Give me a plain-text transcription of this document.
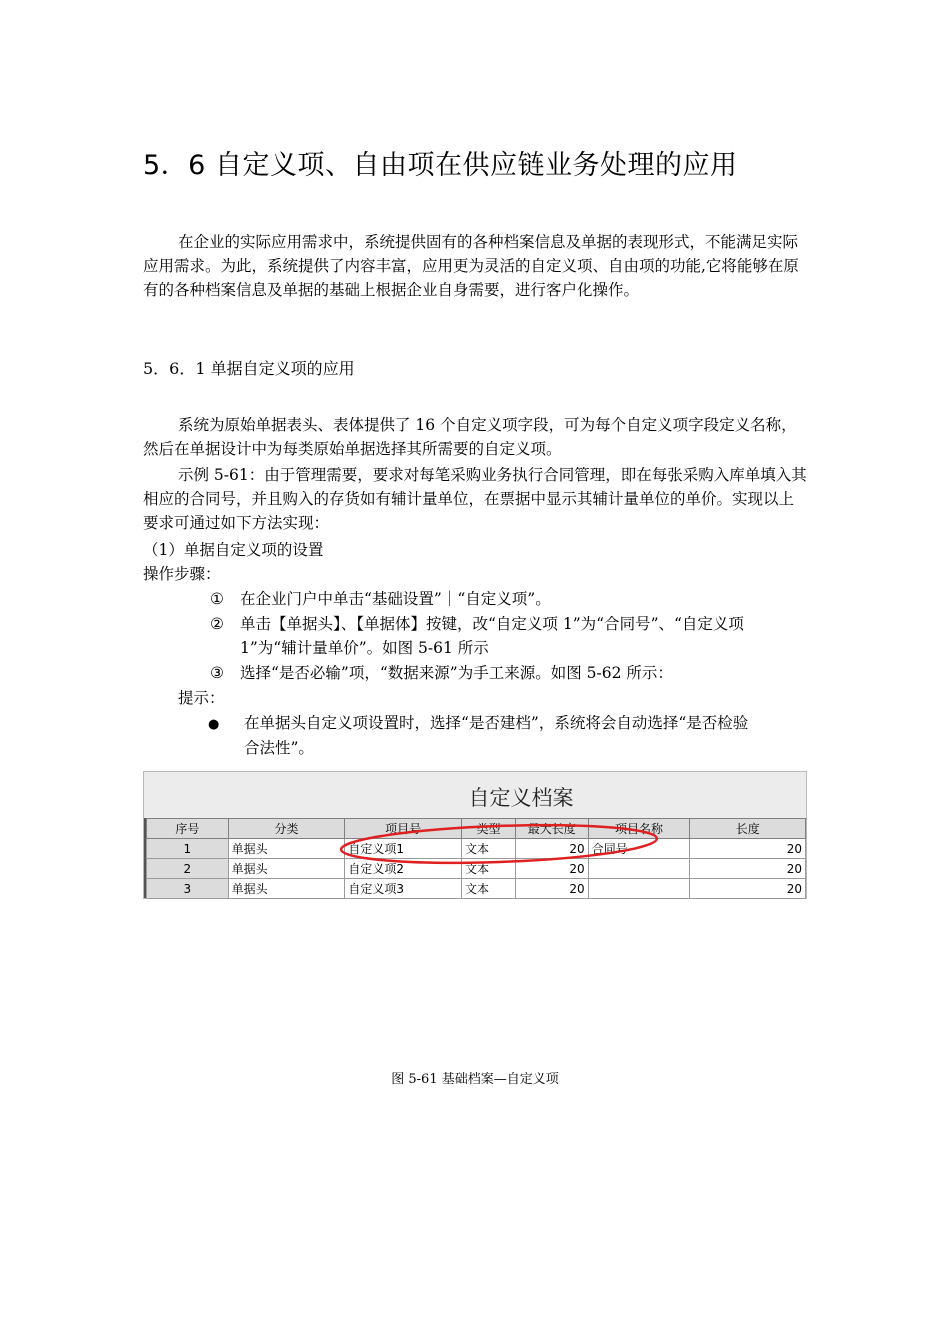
5．6 自定义项、自由项在供应链业务处理的应用
在企业的实际应用需求中，系统提供固有的各种档案信息及单据的表现形式，不能满足实际应用需求。为此，系统提供了内容丰富，应用更为灵活的自定义项、自由项的功能,它将能够在原有的各种档案信息及单据的基础上根据企业自身需要，进行客户化操作。
5．6．1 单据自定义项的应用
系统为原始单据表头、表体提供了 16 个自定义项字段，可为每个自定义项字段定义名称，然后在单据设计中为每类原始单据选择其所需要的自定义项。
示例 5-61：由于管理需要，要求对每笔采购业务执行合同管理，即在每张采购入库单填入其相应的合同号，并且购入的存货如有辅计量单位，在票据中显示其辅计量单位的单价。实现以上要求可通过如下方法实现：
（1）单据自定义项的设置
操作步骤：
① 在企业门户中单击“基础设置”｜“自定义项”。
② 单击【单据头】、【单据体】按键，改“自定义项 1”为“合同号”、“自定义项
1”为“辅计量单价”。如图 5-61 所示
③ 选择“是否必输”项，“数据来源”为手工来源。如图 5-62 所示：
提示：
● 在单据头自定义项设置时，选择“是否建档”，系统将会自动选择“是否检验
合法性”。
自定义档案
序号	分类	项目号	类型	最大长度	项目名称	长度
1	单据头	自定义项1	文本	20	合同号	20
2	单据头	自定义项2	文本	20		20
3	单据头	自定义项3	文本	20		20
图 5-61 基础档案—自定义项
